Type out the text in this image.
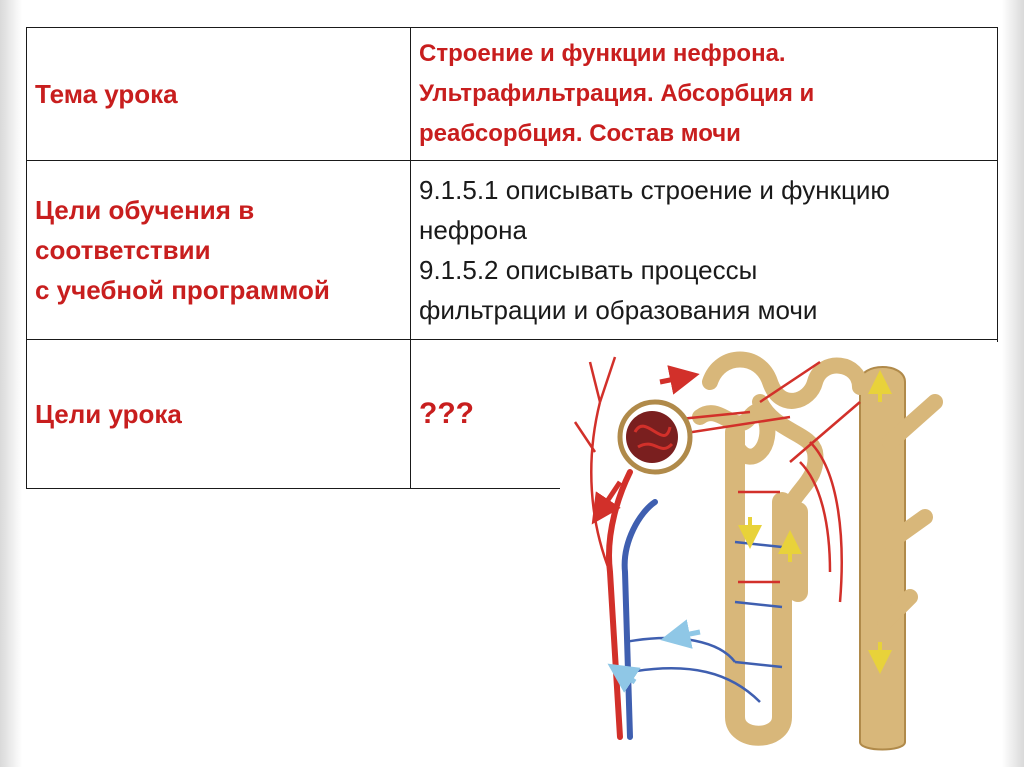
Тема урока	Строение и функции нефрона.
Ультрафильтрация. Абсорбция и
реабсорбция. Состав мочи

Цели обучения в
соответствии
с учебной программой	9.1.5.1 описывать строение и функцию
нефрона
9.1.5.2 описывать процессы
фильтрации и образования мочи

Цели урока	???
